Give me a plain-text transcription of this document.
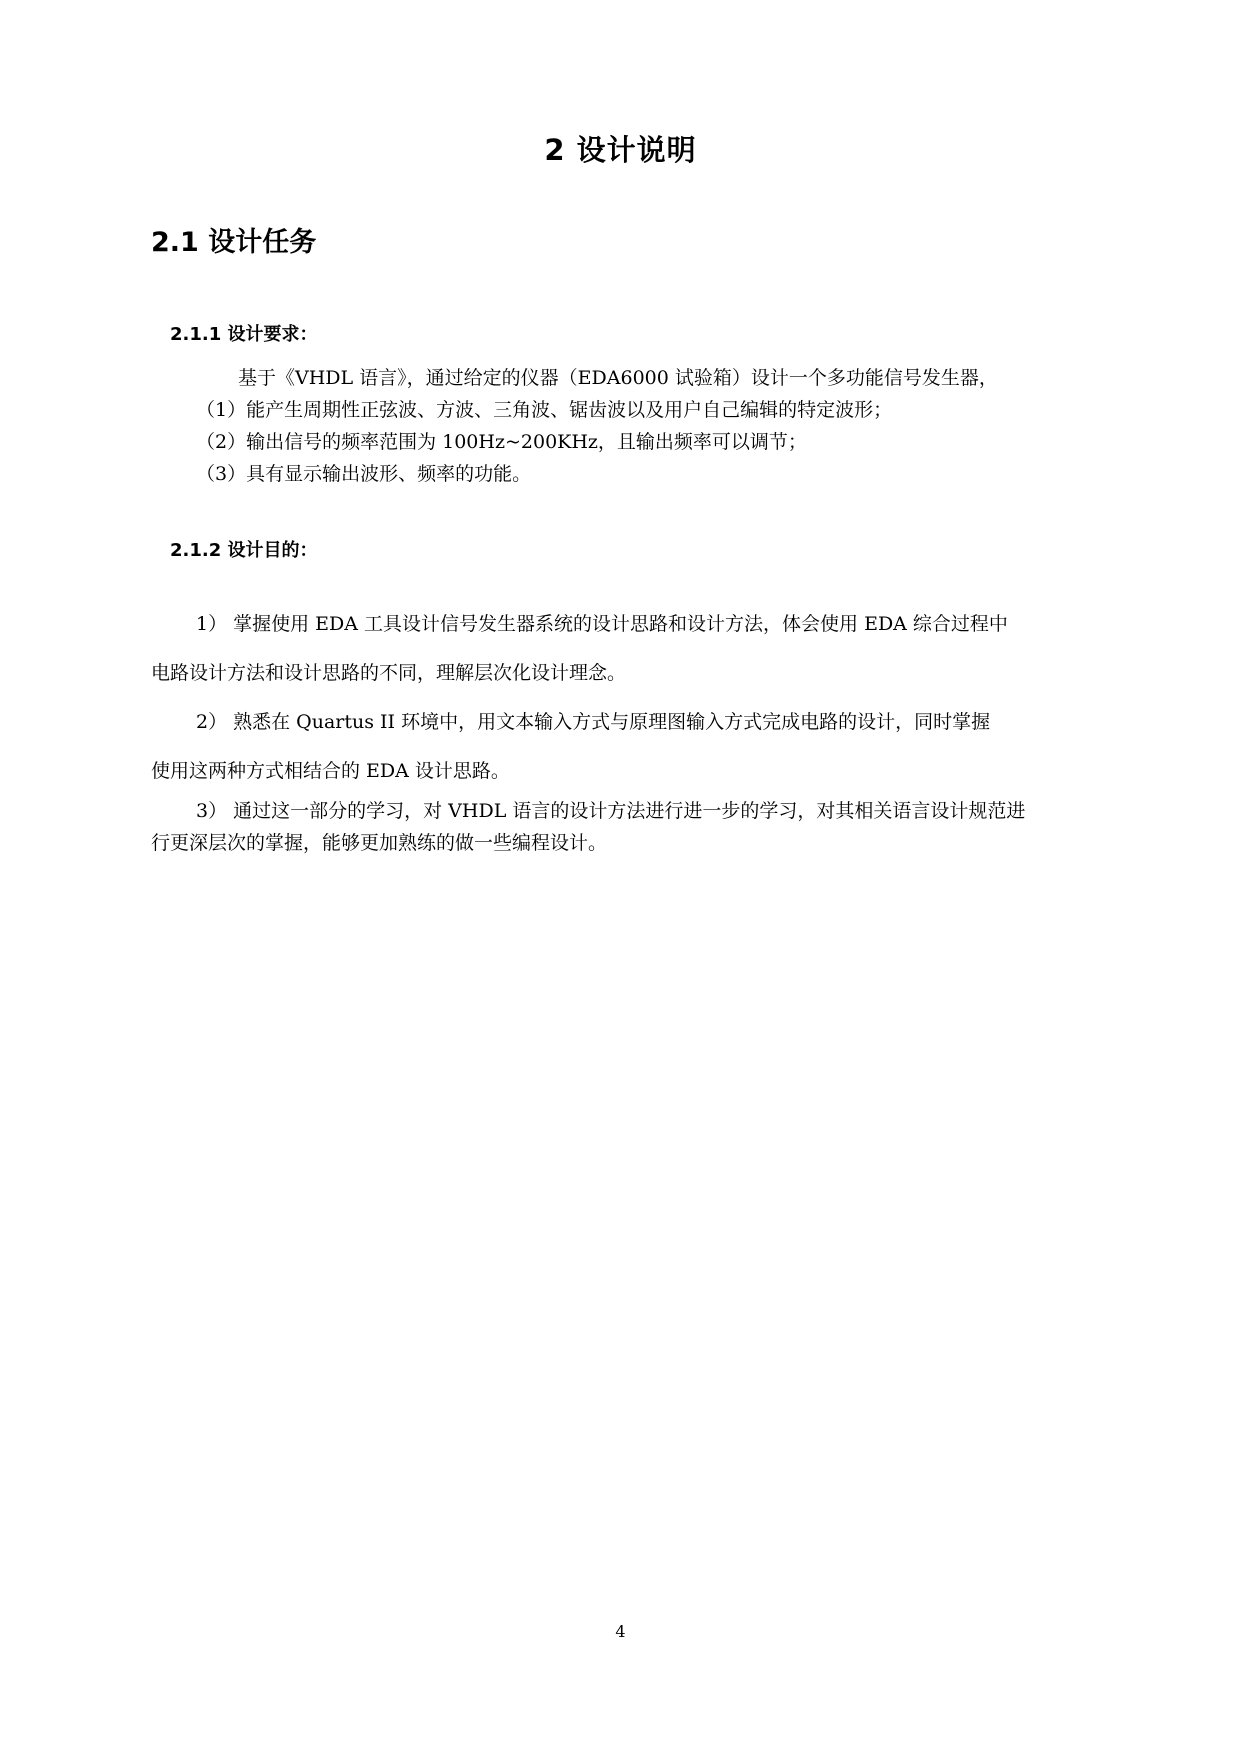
2 设计说明
2.1 设计任务
2.1.1 设计要求：
基于《VHDL 语言》，通过给定的仪器（EDA6000 试验箱）设计一个多功能信号发生器，
（1）能产生周期性正弦波、方波、三角波、锯齿波以及用户自己编辑的特定波形；
（2）输出信号的频率范围为 100Hz~200KHz，且输出频率可以调节；
（3）具有显示输出波形、频率的功能。
2.1.2 设计目的：
1） 掌握使用 EDA 工具设计信号发生器系统的设计思路和设计方法，体会使用 EDA 综合过程中
电路设计方法和设计思路的不同，理解层次化设计理念。
2） 熟悉在 Quartus II 环境中，用文本输入方式与原理图输入方式完成电路的设计，同时掌握
使用这两种方式相结合的 EDA 设计思路。
3） 通过这一部分的学习，对 VHDL 语言的设计方法进行进一步的学习，对其相关语言设计规范进
行更深层次的掌握，能够更加熟练的做一些编程设计。
4
